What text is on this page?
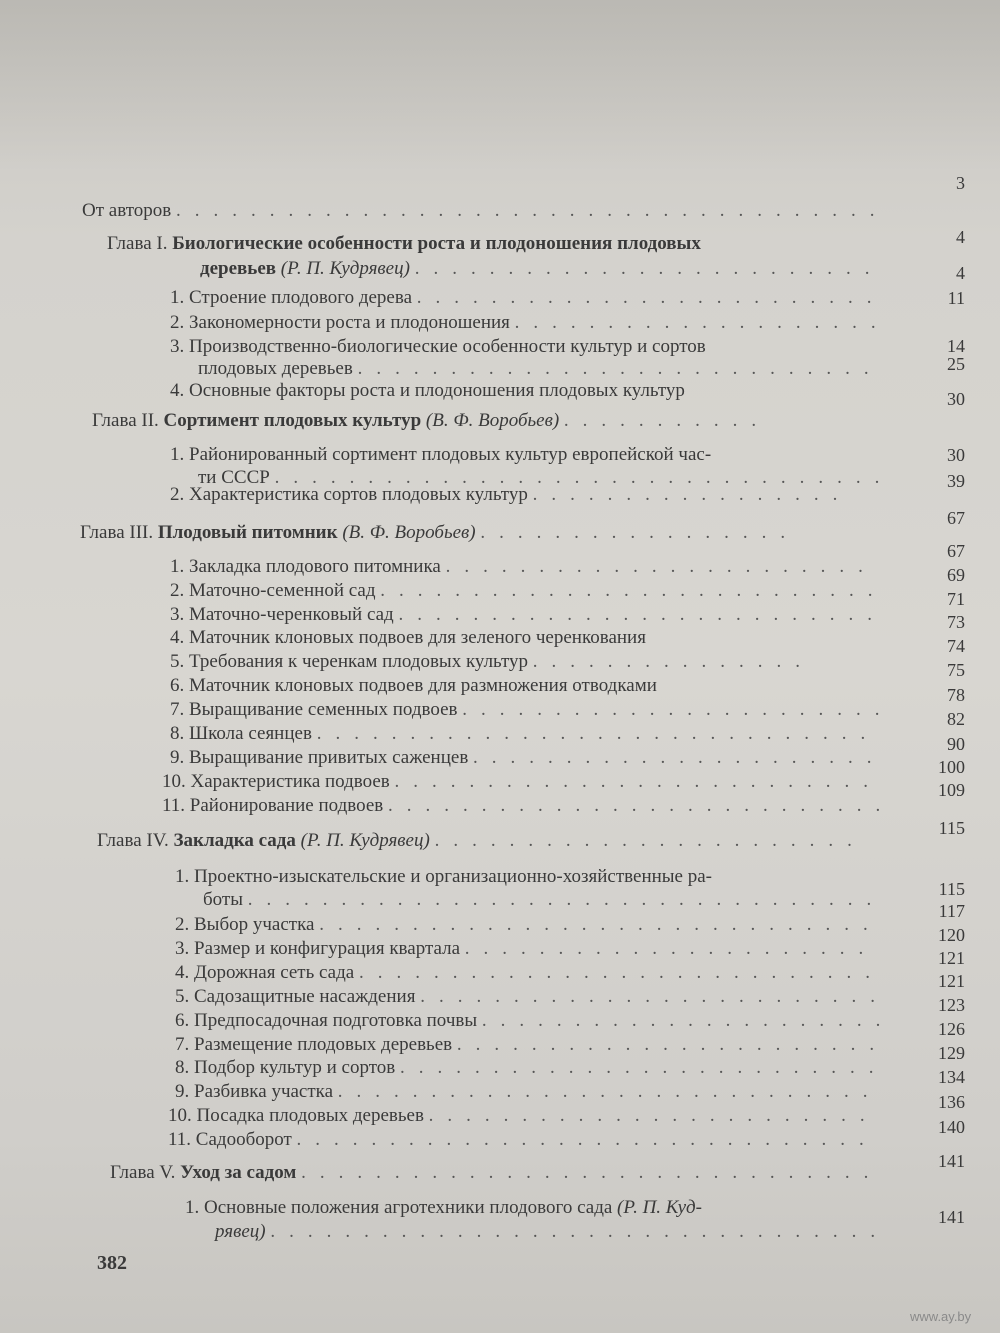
От авторов ......................................
3
Глава I. Биологические особенности роста и плодоношения плодовых
деревьев (Р. П. Кудрявец) .........................
4
1. Строение плодового дерева .........................
4
2. Закономерности роста и плодоношения ....................
11
3. Производственно-биологические особенности культур и сортов
плодовых деревьев ............................
14
4. Основные факторы роста и плодоношения плодовых культур
25
Глава II. Сортимент плодовых культур (В. Ф. Воробьев) ...........
30
1. Районированный сортимент плодовых культур европейской час-
ти СССР .................................
30
2. Характеристика сортов плодовых культур .................
39
Глава III. Плодовый питомник (В. Ф. Воробьев) .................
67
1. Закладка плодового питомника .......................
67
2. Маточно-семенной сад ...........................
69
3. Маточно-черенковый сад ..........................
71
4. Маточник клоновых подвоев для зеленого черенкования
73
5. Требования к черенкам плодовых культур ...............
74
6. Маточник клоновых подвоев для размножения отводками
75
7. Выращивание семенных подвоев .......................
78
8. Школа сеянцев ..............................
82
9. Выращивание привитых саженцев ......................
90
10. Характеристика подвоев ..........................
100
11. Районирование подвоев ...........................
109
Глава IV. Закладка сада (Р. П. Кудрявец) .......................
115
1. Проектно-изыскательские и организационно-хозяйственные ра-
боты ..................................	115
2. Выбор участка ..............................
117
3. Размер и конфигурация квартала ......................
120
4. Дорожная сеть сада ............................
121
5. Садозащитные насаждения .........................
121
6. Предпосадочная подготовка почвы ......................
123
7. Размещение плодовых деревьев .......................
126
8. Подбор культур и сортов ..........................
129
9. Разбивка участка .............................
134
10. Посадка плодовых деревьев ........................
136
11. Садооборот ...............................
140
Глава V. Уход за садом ...............................
141
1. Основные положения агротехники плодового сада (Р. П. Куд-
рявец) .................................
141
382
www.ay.by
